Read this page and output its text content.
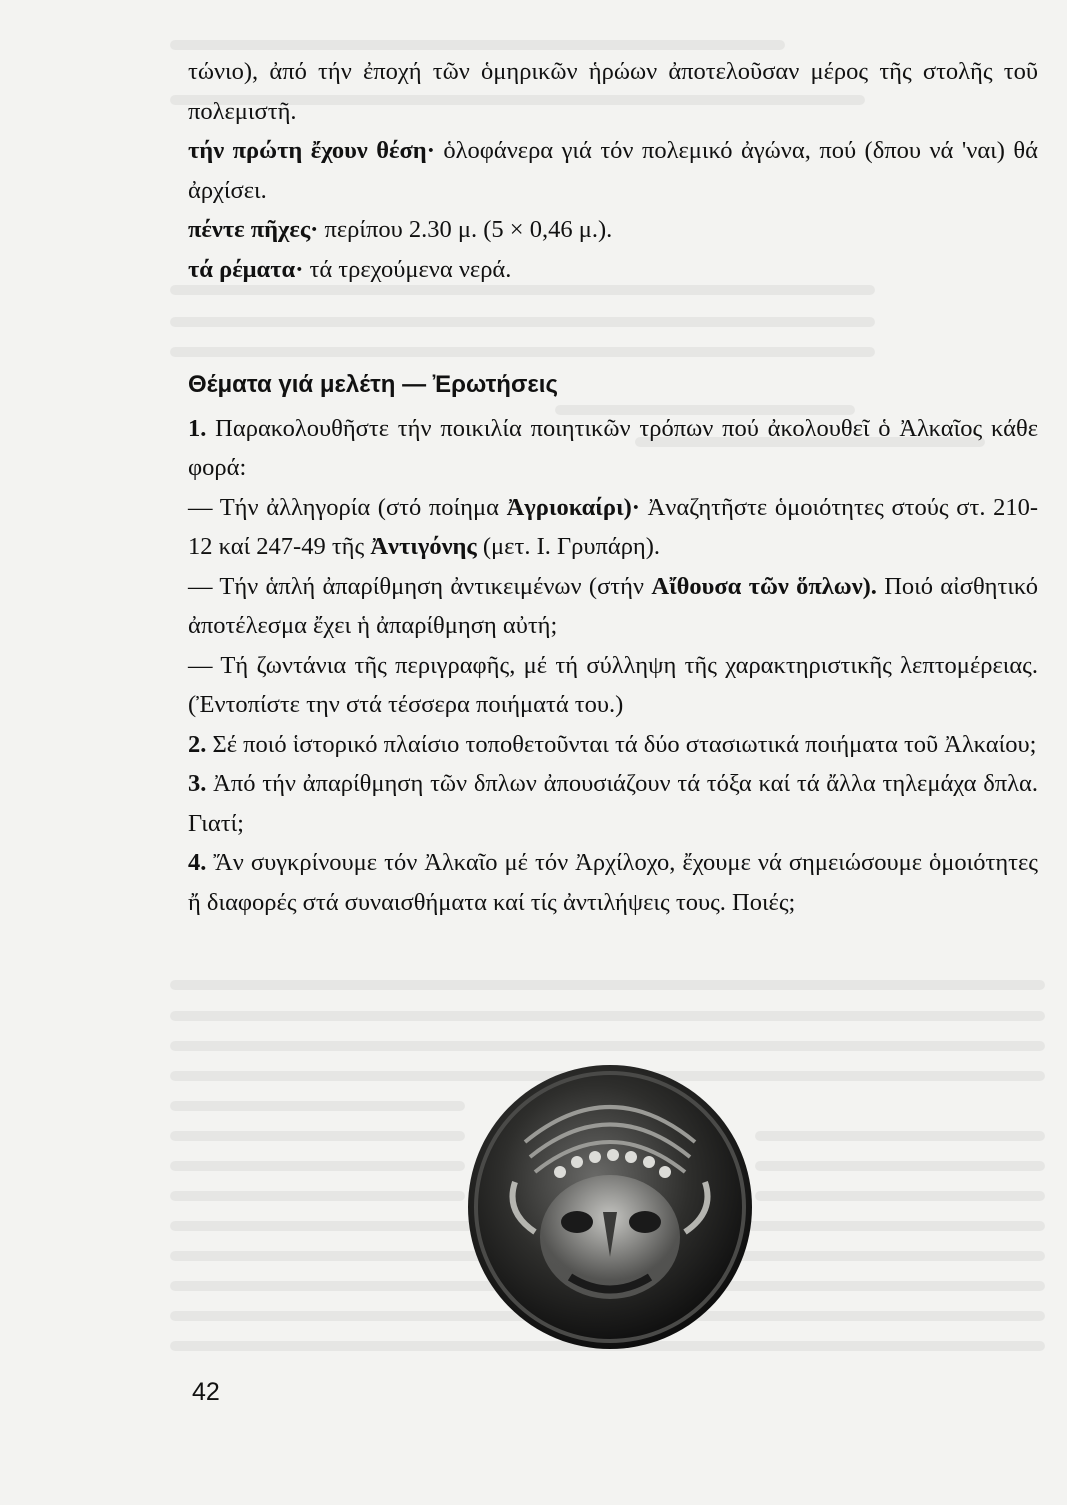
τώνιο), ἀπό τήν ἐποχή τῶν ὁμηρικῶν ἡρώων ἀποτελοῦσαν μέρος τῆς στολῆς τοῦ πολεμιστῆ.

τήν πρώτη ἔχουν θέση· ὁλοφάνερα γιά τόν πολεμικό ἀγώνα, πού (δπου νά 'ναι) θά ἀρχίσει.

πέντε πῆχες· περίπου 2.30 μ. (5 × 0,46 μ.).

τά ρέματα· τά τρεχούμενα νερά.

Θέματα γιά μελέτη — Ἐρωτήσεις

1. Παρακολουθῆστε τήν ποικιλία ποιητικῶν τρόπων πού ἀκολουθεῖ ὁ Ἀλκαῖος κάθε φορά:

— Τήν ἀλληγορία (στό ποίημα Ἀγριοκαίρι)· Ἀναζητῆστε ὁμοιότητες στούς στ. 210-12 καί 247-49 τῆς Ἀντιγόνης (μετ. Ι. Γρυπάρη).

— Τήν ἁπλή ἀπαρίθμηση ἀντικειμένων (στήν Αἴθουσα τῶν ὅπλων). Ποιό αἰσθητικό ἀποτέλεσμα ἔχει ἡ ἀπαρίθμηση αὐτή;

— Τή ζωντάνια τῆς περιγραφῆς, μέ τή σύλληψη τῆς χαρακτηριστικῆς λεπτομέρειας. (Ἐντοπίστε την στά τέσσερα ποιήματά του.)

2. Σέ ποιό ἱστορικό πλαίσιο τοποθετοῦνται τά δύο στασιωτικά ποιήματα τοῦ Ἀλκαίου;

3. Ἀπό τήν ἀπαρίθμηση τῶν δπλων ἀπουσιάζουν τά τόξα καί τά ἄλλα τηλεμάχα δπλα. Γιατί;

4. Ἄν συγκρίνουμε τόν Ἀλκαῖο μέ τόν Ἀρχίλοχο, ἔχουμε νά σημειώσουμε ὁμοιότητες ἤ διαφορές στά συναισθήματα καί τίς ἀντιλήψεις τους. Ποιές;

42
